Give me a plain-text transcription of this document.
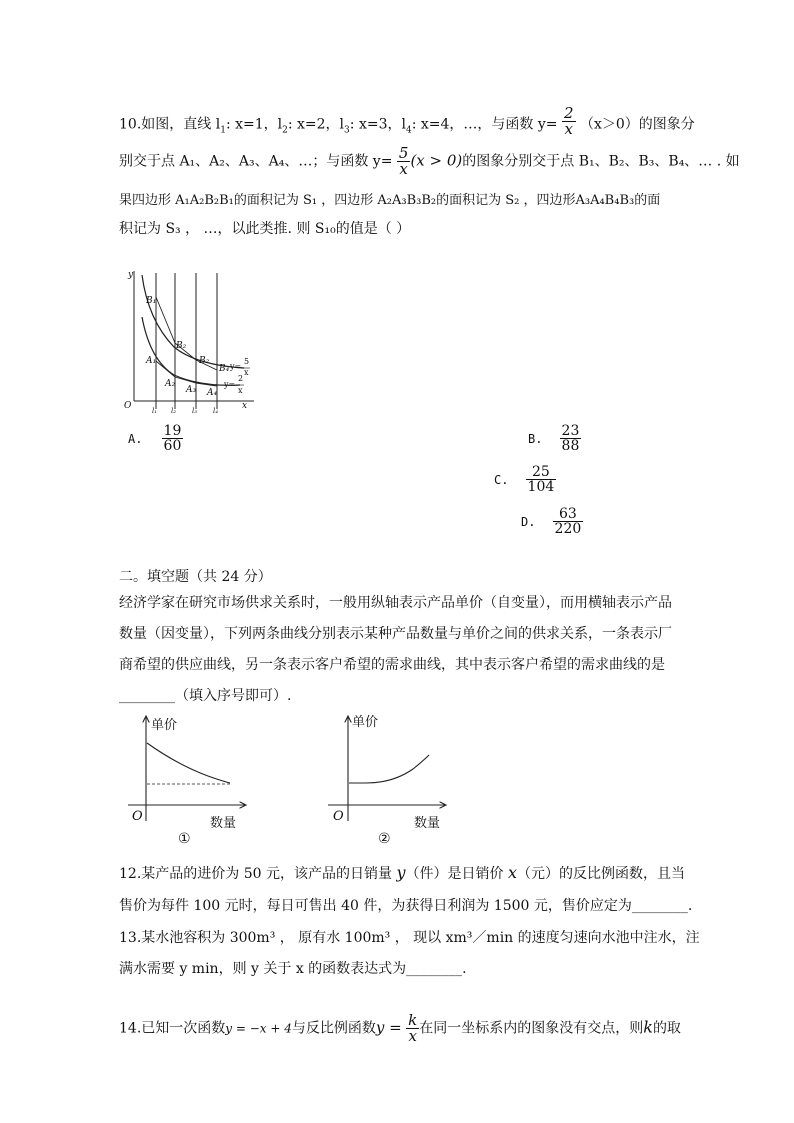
10.如图，直线 $l_1$: x=1，$l_2$: x=2，$l_3$: x=3，$l_4$: x=4，…，与函数 $y= \frac{2}{x} (x>0)$的图象分
别交于点 A₁、A₂、A₃、A₄、…；与函数 $y= \frac{5}{x} (x > 0)$的图象分别交于点 B₁、B₂、B₃、B₄、… . 如
果四边形 A₁A₂B₂B₁的面积记为 S₁ ，四边形 A₂A₃B₃B₂的面积记为 S₂ ，四边形A₃A₄B₄B₃的面
积记为 S₃ ， …，以此类推. 则 S₁₀的值是（ ）
y
x
O	l₁ l₂ l₃ l₄
B₁
B₂
B₂
B₄
A₁
A₂
A₃ A₄
y=
5
x
y=
2
x
A. $\frac{19}{60}$	B. $\frac{23}{88}$
C. $\frac{25}{104}$
D. $\frac{63}{220}$
二。填空题（共 24 分）
经济学家在研究市场供求关系时，一般用纵轴表示产品单价（自变量），而用横轴表示产品
数量（因变量），下列两条曲线分别表示某种产品数量与单价之间的供求关系，一条表示厂
商希望的供应曲线，另一条表示客户希望的需求曲线，其中表示客户希望的需求曲线的是
________（填入序号即可）.
单价
数量
O
①
单价
数量
O
②
12.某产品的进价为 50 元，该产品的日销量 y（件）是日销价 x（元）的反比例函数，且当
售价为每件 100 元时，每日可售出 40 件，为获得日利润为 1500 元，售价应定为________.
13.某水池容积为 300m³ ， 原有水 100m³ ， 现以 xm³／min 的速度匀速向水池中注水，注
满水需要 y min，则 y 关于 x 的函数表达式为________.
14.已知一次函数y = −x + 4与反比例函数$y = \frac{k}{x}$ 在同一坐标系内的图象没有交点，则k的取
